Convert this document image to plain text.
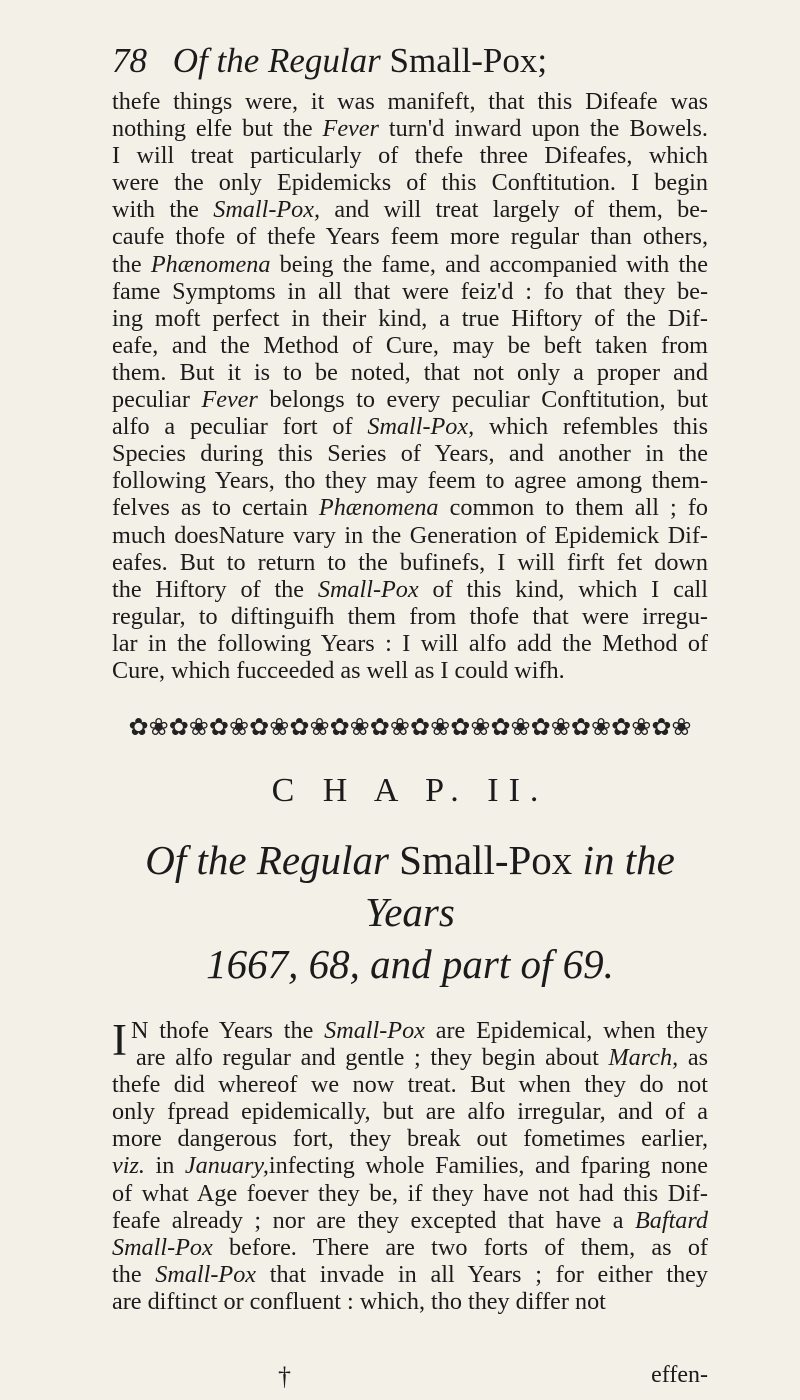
78 Of the Regular Small-Pox;
thefe things were, it was manifeft, that this Difeafe was
nothing elfe but the Fever turn'd inward upon the Bowels.
I will treat particularly of thefe three Difeafes, which
were the only Epidemicks of this Conftitution. I begin
with the Small-Pox, and will treat largely of them, be-
caufe thofe of thefe Years feem more regular than others,
the Phænomena being the fame, and accompanied with the
fame Symptoms in all that were feiz'd : fo that they be-
ing moft perfect in their kind, a true Hiftory of the Dif-
eafe, and the Method of Cure, may be beft taken from
them. But it is to be noted, that not only a proper and
peculiar Fever belongs to every peculiar Conftitution, but
alfo a peculiar fort of Small-Pox, which refembles this
Species during this Series of Years, and another in the
following Years, tho they may feem to agree among them-
felves as to certain Phænomena common to them all ; fo
much doesNature vary in the Generation of Epidemick Dif-
eafes. But to return to the bufinefs, I will firft fet down
the Hiftory of the Small-Pox of this kind, which I call
regular, to diftinguifh them from thofe that were irregu-
lar in the following Years : I will alfo add the Method of
Cure, which fucceeded as well as I could wifh.
✿❀✿❀✿❀✿❀✿❀✿❀✿❀✿❀✿❀✿❀✿❀✿❀✿❀✿❀
C H A P. II.
Of the Regular Small-Pox in the Years
1667, 68, and part of 69.
I N thofe Years the Small-Pox are Epidemical, when they
are alfo regular and gentle ; they begin about March, as
thefe did whereof we now treat. But when they do not
only fpread epidemically, but are alfo irregular, and of a
more dangerous fort, they break out fometimes earlier,
viz. in January,infecting whole Families, and fparing none
of what Age foever they be, if they have not had this Dif-
feafe already ; nor are they excepted that have a Baftard
Small-Pox before. There are two forts of them, as of
the Small-Pox that invade in all Years ; for either they
are diftinct or confluent : which, tho they differ not
†	effen-
